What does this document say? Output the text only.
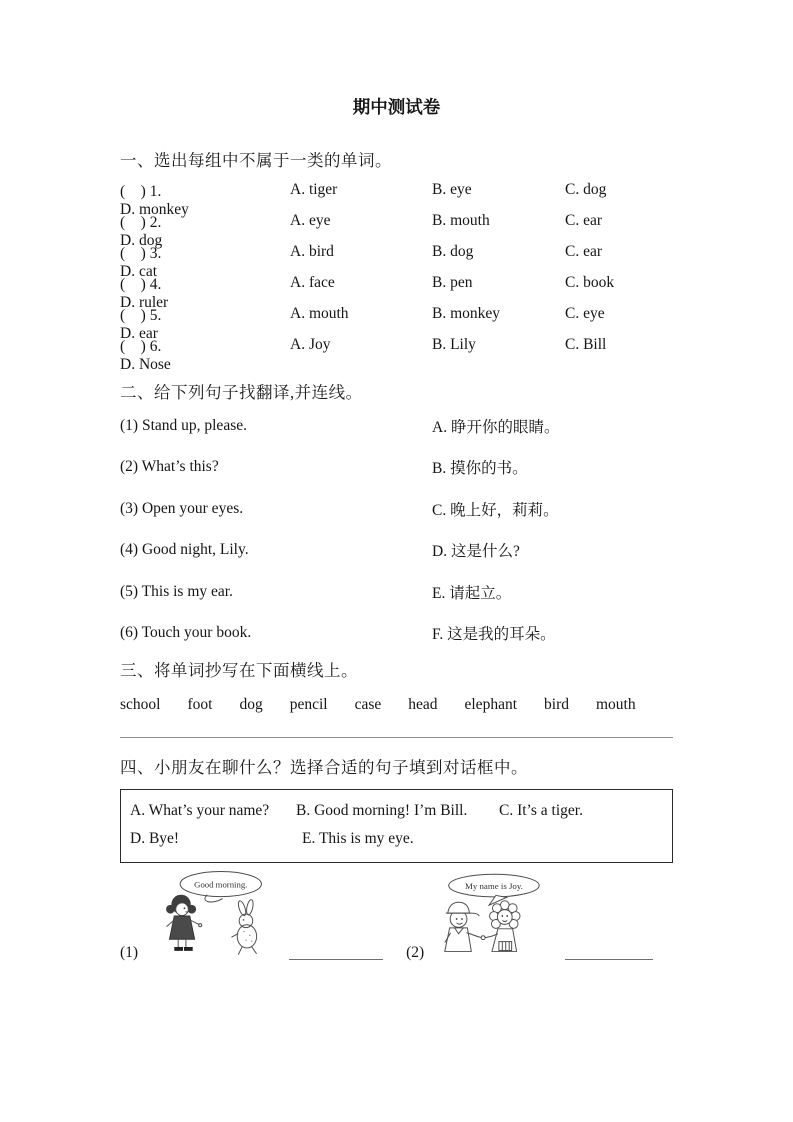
期中测试卷
一、选出每组中不属于一类的单词。
(　) 1.	A. tiger	B. eye	C. dog
D. monkey
(　) 2.	A. eye	B. mouth	C. ear
D. dog
(　) 3.	A. bird	B. dog	C. ear
D. cat
(　) 4.	A. face	B. pen	C. book
D. ruler
(　) 5.	A. mouth	B. monkey	C. eye
D. ear
(　) 6.	A. Joy	B. Lily	C. Bill
D. Nose
二、给下列句子找翻译,并连线。
(1) Stand up, please.	A. 睁开你的眼睛。
(2) What’s this?	B. 摸你的书。
(3) Open your eyes.	C. 晚上好，莉莉。
(4) Good night, Lily.	D. 这是什么?
(5) This is my ear.	E. 请起立。
(6) Touch your book.	F. 这是我的耳朵。
三、将单词抄写在下面横线上。
school foot dog pencil case head elephant bird mouth
四、小朋友在聊什么？选择合适的句子填到对话框中。
A. What’s your name?	B. Good morning! I’m Bill.	C. It’s a tiger.
D. Bye!	E. This is my eye.
(1)
Good morning.
(2)
My name is Joy.
